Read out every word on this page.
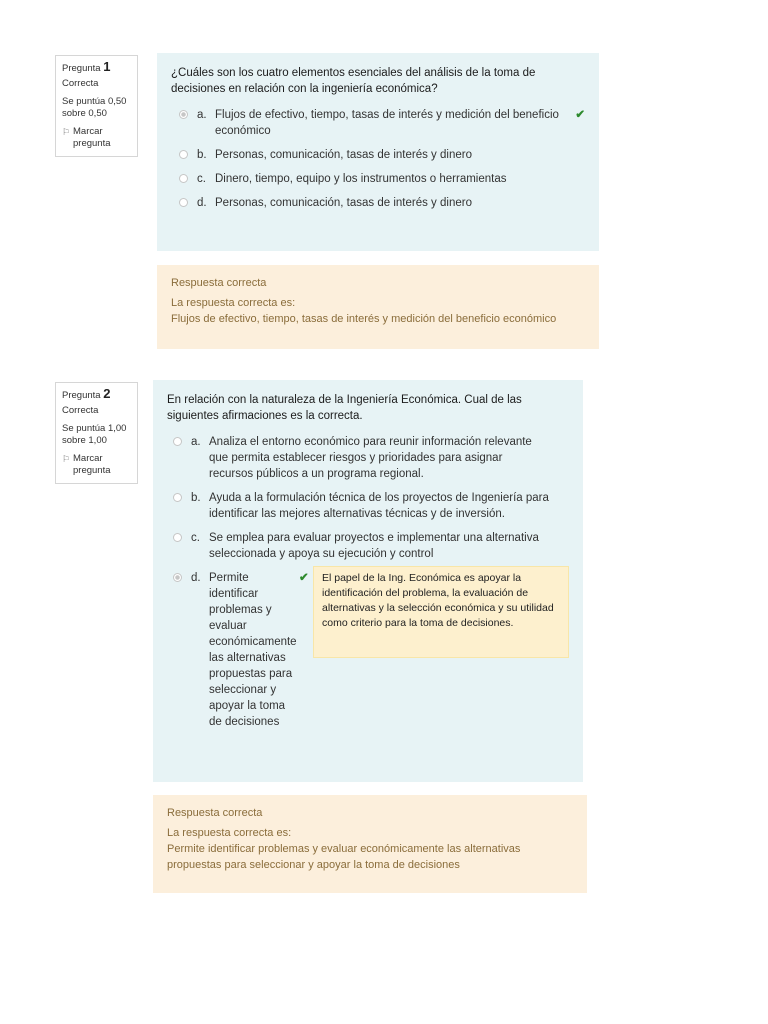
Pregunta 1
Correcta
Se puntúa 0,50 sobre 0,50
⚐ Marcar pregunta
¿Cuáles son los cuatro elementos esenciales del análisis de la toma de decisiones en relación con la ingeniería económica?
a. Flujos de efectivo, tiempo, tasas de interés y medición del beneficio económico
✔
b. Personas, comunicación, tasas de interés y dinero
c. Dinero, tiempo, equipo y los instrumentos o herramientas
d. Personas, comunicación, tasas de interés y dinero
Respuesta correcta
La respuesta correcta es:
Flujos de efectivo, tiempo, tasas de interés y medición del beneficio económico
Pregunta 2
Correcta
Se puntúa 1,00 sobre 1,00
⚐ Marcar pregunta
En relación con la naturaleza de la Ingeniería Económica. Cual de las siguientes afirmaciones es la correcta.
a. Analiza el entorno económico para reunir información relevante que permita establecer riesgos y prioridades para asignar recursos públicos a un programa regional.
b. Ayuda a la formulación técnica de los proyectos de Ingeniería para identificar las mejores alternativas técnicas y de inversión.
c. Se emplea para evaluar proyectos e implementar una alternativa seleccionada y apoya su ejecución y control
d. Permite identificar problemas y evaluar económicamente las alternativas propuestas para seleccionar y apoyar la toma de decisiones
✔	El papel de la Ing. Económica es apoyar la identificación del problema, la evaluación de alternativas y la selección económica y su utilidad como criterio para la toma de decisiones.
Respuesta correcta
La respuesta correcta es:
Permite identificar problemas y evaluar económicamente las alternativas propuestas para seleccionar y apoyar la toma de decisiones
